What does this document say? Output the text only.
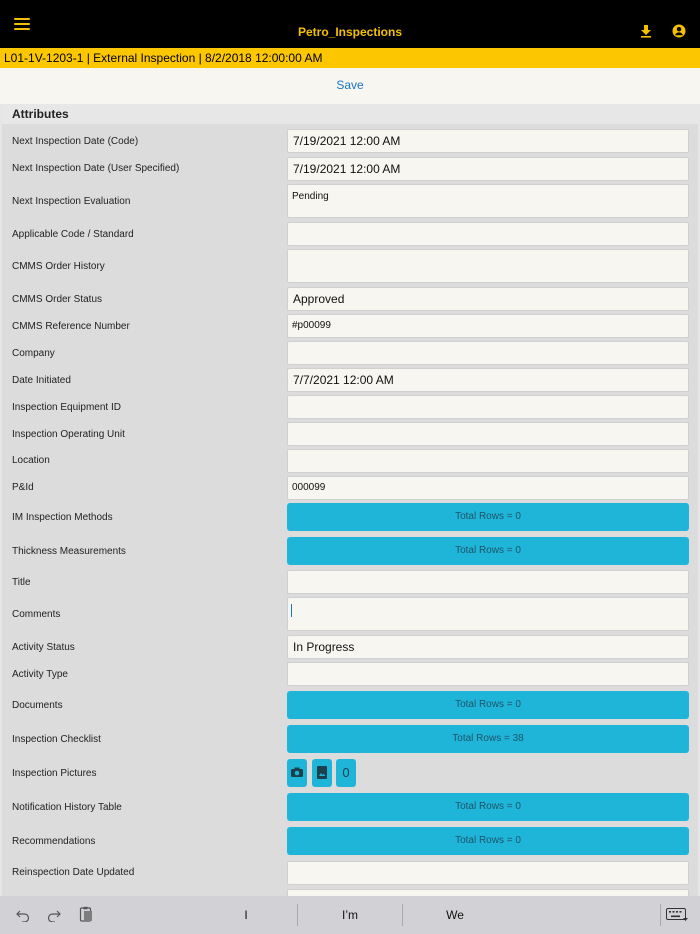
Petro_Inspections
L01-1V-1203-1 | External Inspection | 8/2/2018 12:00:00 AM
Save
Attributes
Next Inspection Date (Code)	7/19/2021 12:00 AM
Next Inspection Date (User Specified)	7/19/2021 12:00 AM
Next Inspection Evaluation	Pending
Applicable Code / Standard
CMMS Order History
CMMS Order Status	Approved
CMMS Reference Number	#p00099
Company
Date Initiated	7/7/2021 12:00 AM
Inspection Equipment ID
Inspection Operating Unit
Location
P&Id	000099
IM Inspection Methods	Total Rows = 0
Thickness Measurements	Total Rows = 0
Title
Comments
Activity Status	In Progress
Activity Type
Documents	Total Rows = 0
Inspection Checklist	Total Rows = 38
Inspection Pictures	0
Notification History Table	Total Rows = 0
Recommendations	Total Rows = 0
Reinspection Date Updated
I	I’m	We
